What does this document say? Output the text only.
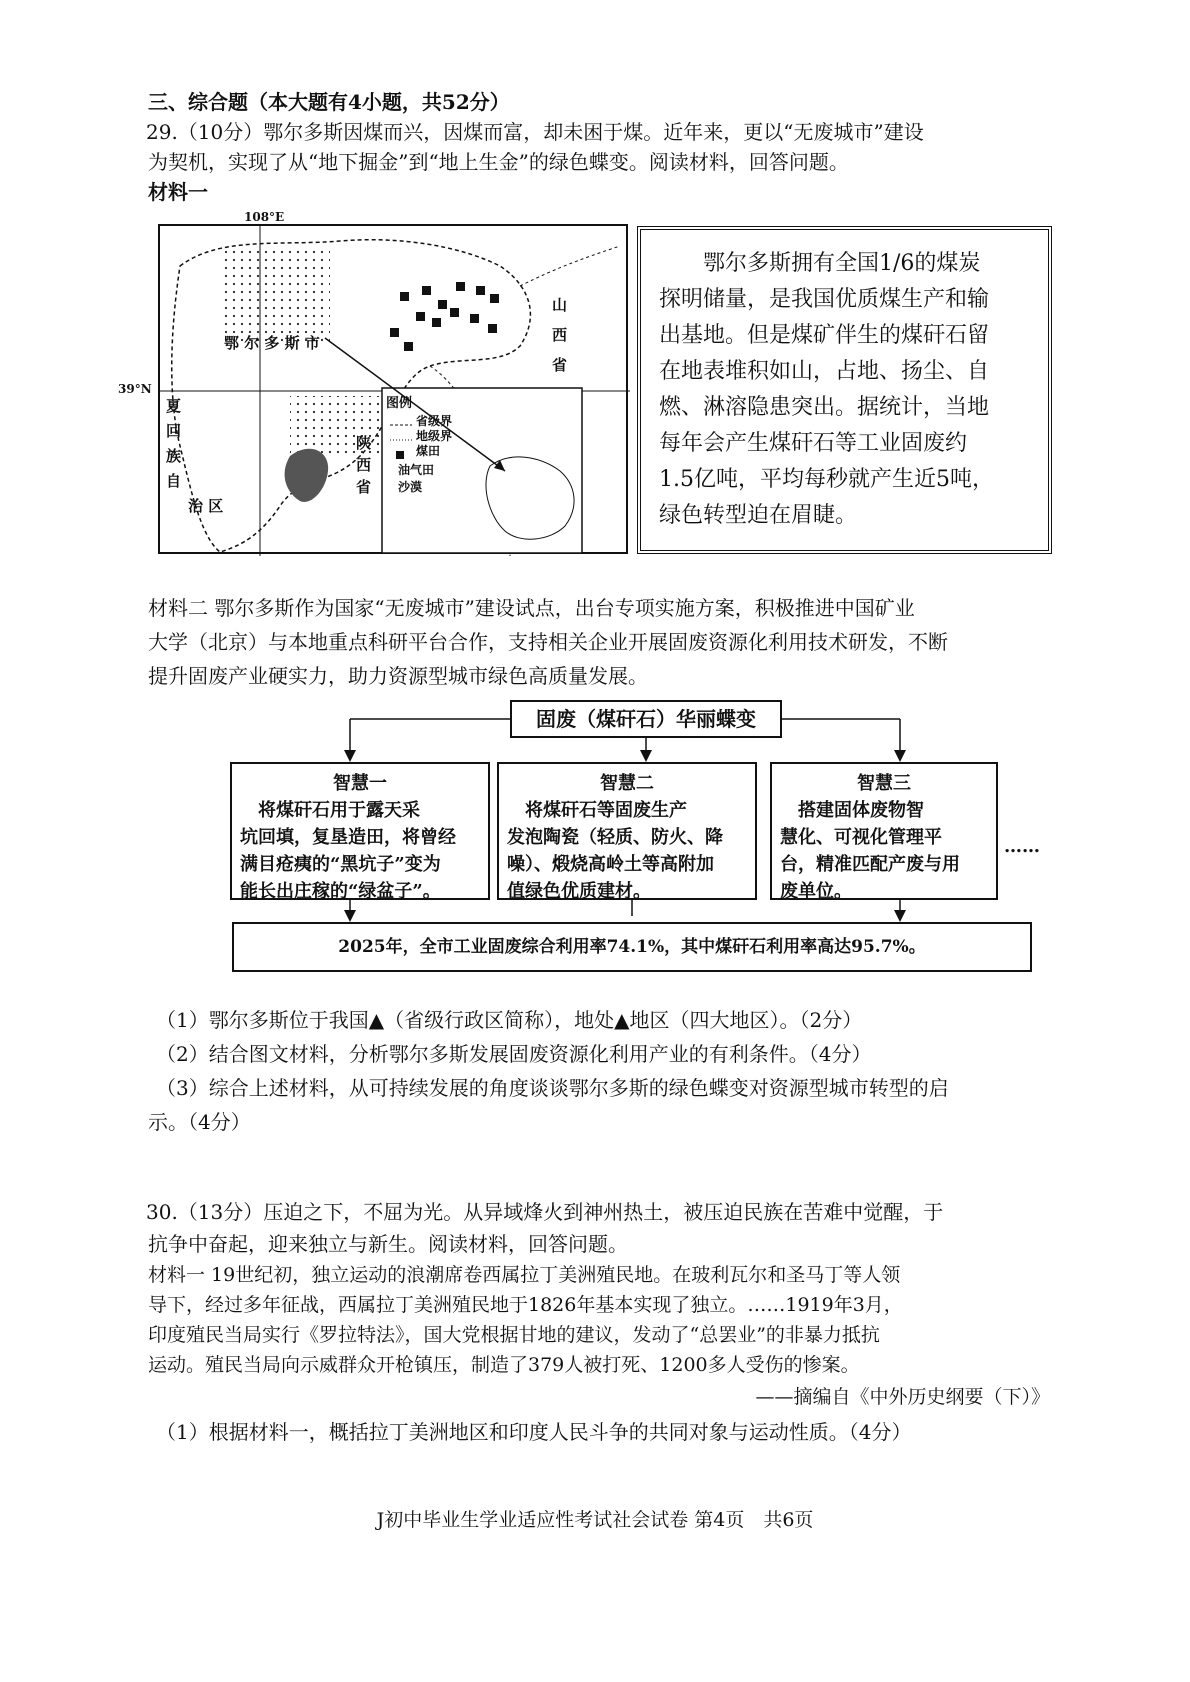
三、综合题（本大题有4小题，共52分）
29.（10分）鄂尔多斯因煤而兴，因煤而富，却未困于煤。近年来，更以“无废城市”建设
为契机，实现了从“地下掘金”到“地上生金”的绿色蝶变。阅读材料，回答问题。
材料一
108°E
39°N
鄂 尔 多 斯 市
山
西
省
陕
西
省
夏
回
族
自
治 区
图例
省级界
地级界
煤田
油气田
沙漠

鄂尔多斯拥有全国1/6的煤炭

探明储量，是我国优质煤生产和输

出基地。但是煤矿伴生的煤矸石留

在地表堆积如山，占地、扬尘、自

燃、淋溶隐患突出。据统计，当地

每年会产生煤矸石等工业固废约

1.5亿吨，平均每秒就产生近5吨，

绿色转型迫在眉睫。

材料二 鄂尔多斯作为国家“无废城市”建设试点，出台专项实施方案，积极推进中国矿业
大学（北京）与本地重点科研平台合作，支持相关企业开展固废资源化利用技术研发，不断
提升固废产业硬实力，助力资源型城市绿色高质量发展。
固废（煤矸石）华丽蝶变
智慧一
　将煤矸石用于露天采
坑回填，复垦造田，将曾经
满目疮痍的“黑坑子”变为
能长出庄稼的“绿盆子”。
智慧二
　将煤矸石等固废生产
发泡陶瓷（轻质、防火、降
噪）、煅烧高岭土等高附加
值绿色优质建材。
智慧三
　搭建固体废物智
慧化、可视化管理平
台，精准匹配产废与用
废单位。
……
2025年，全市工业固废综合利用率74.1%，其中煤矸石利用率高达95.7%。
（1）鄂尔多斯位于我国▲（省级行政区简称），地处▲地区（四大地区）。（2分）
（2）结合图文材料，分析鄂尔多斯发展固废资源化利用产业的有利条件。（4分）
（3）综合上述材料，从可持续发展的角度谈谈鄂尔多斯的绿色蝶变对资源型城市转型的启
示。（4分）
30.（13分）压迫之下，不屈为光。从异域烽火到神州热土，被压迫民族在苦难中觉醒，于
抗争中奋起，迎来独立与新生。阅读材料，回答问题。
材料一 19世纪初，独立运动的浪潮席卷西属拉丁美洲殖民地。在玻利瓦尔和圣马丁等人领
导下，经过多年征战，西属拉丁美洲殖民地于1826年基本实现了独立。……1919年3月，
印度殖民当局实行《罗拉特法》，国大党根据甘地的建议，发动了“总罢业”的非暴力抵抗
运动。殖民当局向示威群众开枪镇压，制造了379人被打死、1200多人受伤的惨案。
——摘编自《中外历史纲要（下）》
（1）根据材料一，概括拉丁美洲地区和印度人民斗争的共同对象与运动性质。（4分）
J初中毕业生学业适应性考试社会试卷 第4页　共6页
